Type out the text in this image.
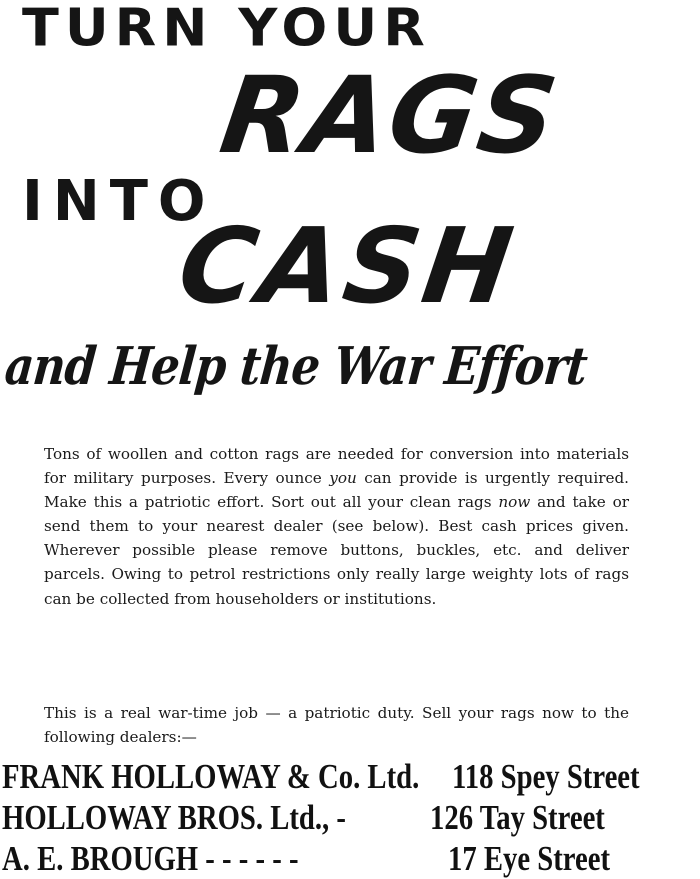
TURN YOUR
RAGS
INTO
CASH
and Help the War Effort

Tons of woollen and cotton rags are needed for conversion into materials for military purposes. Every ounce you can provide is urgently required. Make this a patriotic effort. Sort out all your clean rags now and take or send them to your nearest dealer (see below). Best cash prices given. Wherever possible please remove buttons, buckles, etc. and deliver parcels. Owing to petrol restrictions only really large weighty lots of rags can be collected from householders or institutions.

This is a real war-time job — a patriotic duty. Sell your rags now to the following dealers:—

FRANK HOLLOWAY & Co. Ltd. 118 Spey Street
HOLLOWAY BROS. Ltd., - 126 Tay Street
A. E. BROUGH - - - - - -	17 Eye Street
